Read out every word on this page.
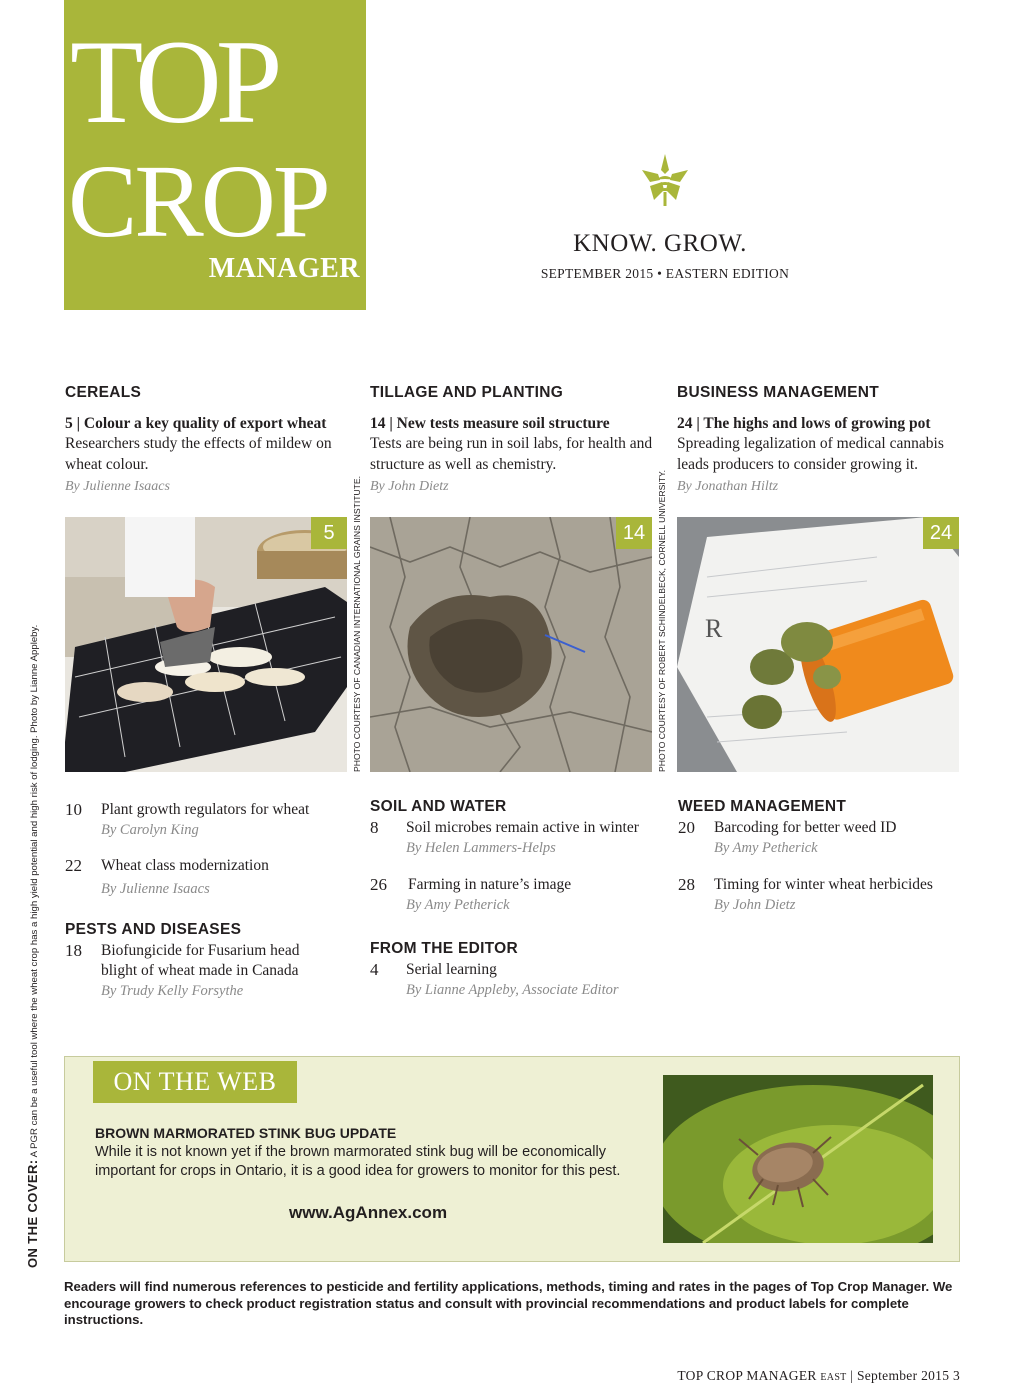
TOP
CROP
MANAGER
KNOW. GROW.
SEPTEMBER 2015 • EASTERN EDITION
ON THE COVER: A PGR can be a useful tool where the wheat crop has a high yield potential and high risk of lodging. Photo by Lianne Appleby.
CEREALS
5 | Colour a key quality of export wheat
Researchers study the effects of mildew on wheat colour.
By Julienne Isaacs
TILLAGE AND PLANTING
14 | New tests measure soil structure
Tests are being run in soil labs, for health and structure as well as chemistry.
By John Dietz
BUSINESS MANAGEMENT
24 | The highs and lows of growing pot
Spreading legalization of medical cannabis leads producers to consider growing it.
By Jonathan Hiltz
5	PHOTO COURTESY OF CANADIAN INTERNATIONAL GRAINS INSTITUTE.	14	PHOTO COURTESY OF ROBERT SCHINDELBECK, CORNELL UNIVERSITY. R
24
10 Plant growth regulators for wheat
By Carolyn King
22 Wheat class modernization
By Julienne Isaacs
PESTS AND DISEASES
18 Biofungicide for Fusarium head
blight of wheat made in Canada
By Trudy Kelly Forsythe
SOIL AND WATER
8 Soil microbes remain active in winter
By Helen Lammers-Helps
26 Farming in nature’s image
By Amy Petherick
FROM THE EDITOR
4 Serial learning
By Lianne Appleby, Associate Editor
WEED MANAGEMENT
20 Barcoding for better weed ID
By Amy Petherick
28 Timing for winter wheat herbicides
By John Dietz
ON THE WEB
BROWN MARMORATED STINK BUG UPDATE
While it is not known yet if the brown marmorated stink bug will be economically important for crops in Ontario, it is a good idea for growers to monitor for this pest.
www.AgAnnex.com
Readers will find numerous references to pesticide and fertility applications, methods, timing and rates in the pages of Top Crop Manager. We encourage growers to check product registration status and consult with provincial recommendations and product labels for complete instructions.
TOP CROP MANAGER EAST | September 2015 3
